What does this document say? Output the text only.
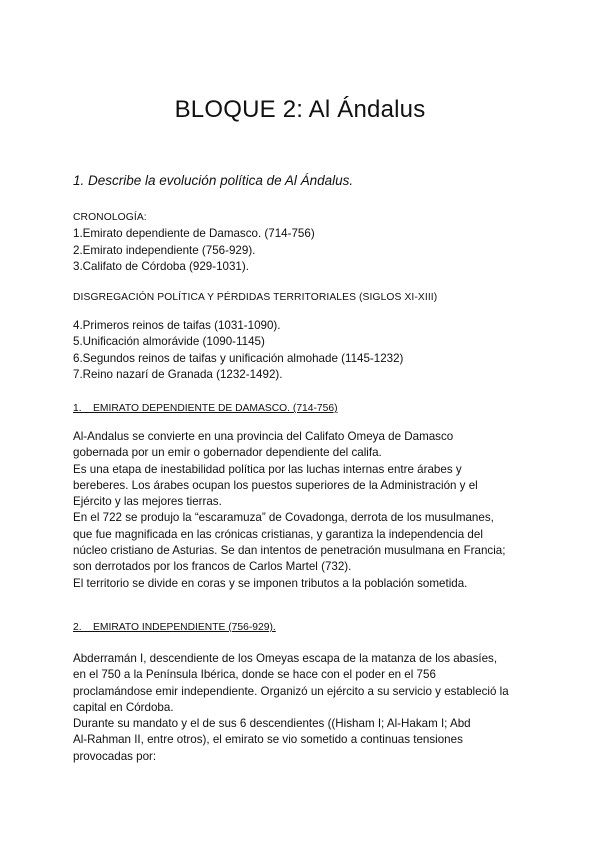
BLOQUE 2: Al Ándalus
1. Describe la evolución política de Al Ándalus.

CRONOLOGÍA:

1.Emirato dependiente de Damasco. (714-756)

2.Emirato independiente (756-929).

3.Califato de Córdoba (929-1031).

DISGREGACIÓN POLÍTICA Y PÉRDIDAS TERRITORIALES (SIGLOS XI-XIII)

4.Primeros reinos de taifas (1031-1090).

5.Unificación almorávide (1090-1145)

6.Segundos reinos de taifas y unificación almohade (1145-1232)

7.Reino nazarí de Granada (1232-1492).

1.    EMIRATO DEPENDIENTE DE DAMASCO. (714-756)

Al-Andalus se convierte en una provincia del Califato Omeya de Damasco

gobernada por un emir o gobernador dependiente del califa.

Es una etapa de inestabilidad política por las luchas internas entre árabes y

bereberes. Los árabes ocupan los puestos superiores de la Administración y el

Ejército y las mejores tierras.

En el 722 se produjo la “escaramuza” de Covadonga, derrota de los musulmanes,

que fue magnificada en las crónicas cristianas, y garantiza la independencia del

núcleo cristiano de Asturias. Se dan intentos de penetración musulmana en Francia;

son derrotados por los francos de Carlos Martel (732).

El territorio se divide en coras y se imponen tributos a la población sometida.

2.    EMIRATO INDEPENDIENTE (756-929).

Abderramán I, descendiente de los Omeyas escapa de la matanza de los abasíes,

en el 750 a la Península Ibérica, donde se hace con el poder en el 756

proclamándose emir independiente. Organizó un ejército a su servicio y estableció la

capital en Córdoba.

Durante su mandato y el de sus 6 descendientes ((Hisham I; Al-Hakam I; Abd

Al-Rahman II, entre otros), el emirato se vio sometido a continuas tensiones

provocadas por:
